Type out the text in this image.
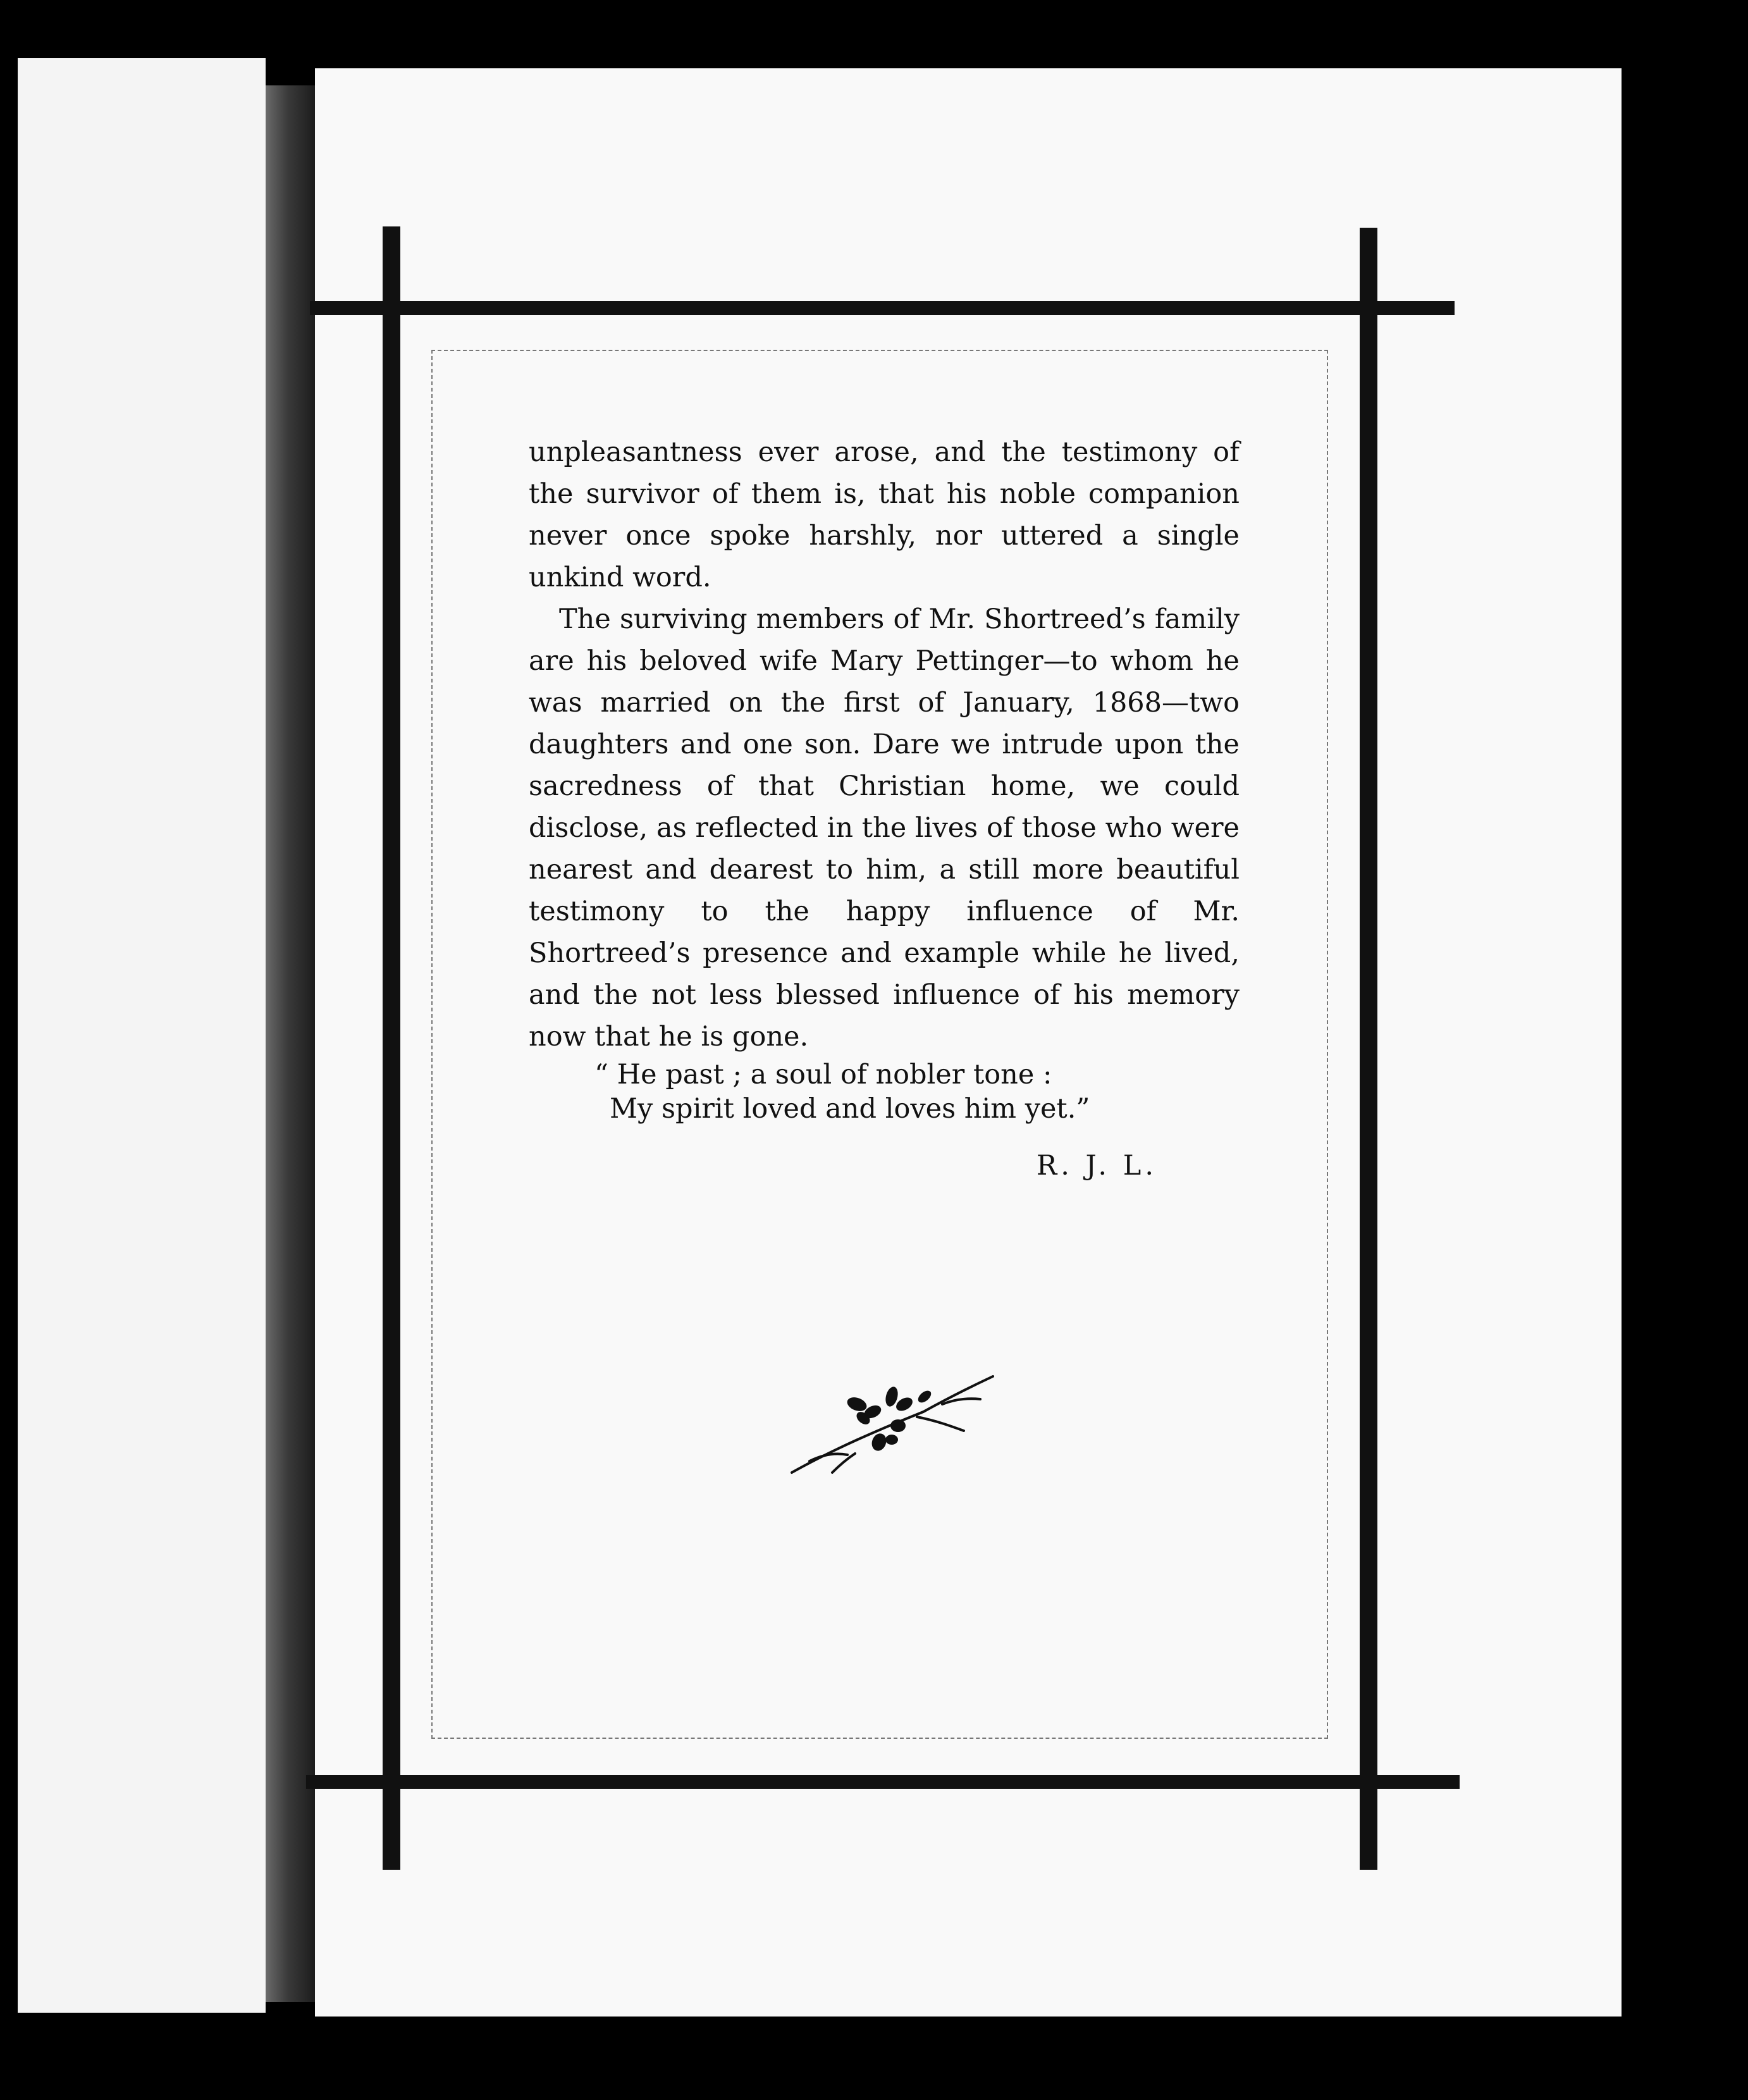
unpleasantness ever arose, and the testimony of the survivor of them is, that his noble companion never once spoke harshly, nor uttered a single unkind word.

The surviving members of Mr. Shortreed’s family are his beloved wife Mary Pettinger—to whom he was married on the first of January, 1868—two daughters and one son. Dare we intrude upon the sacredness of that Christian home, we could disclose, as reflected in the lives of those who were nearest and dearest to him, a still more beautiful testimony to the happy influence of Mr. Shortreed’s presence and example while he lived, and the not less blessed influence of his memory now that he is gone.

“ He past ; a soul of nobler tone :
My spirit loved and loves him yet.”

R. J. L.
